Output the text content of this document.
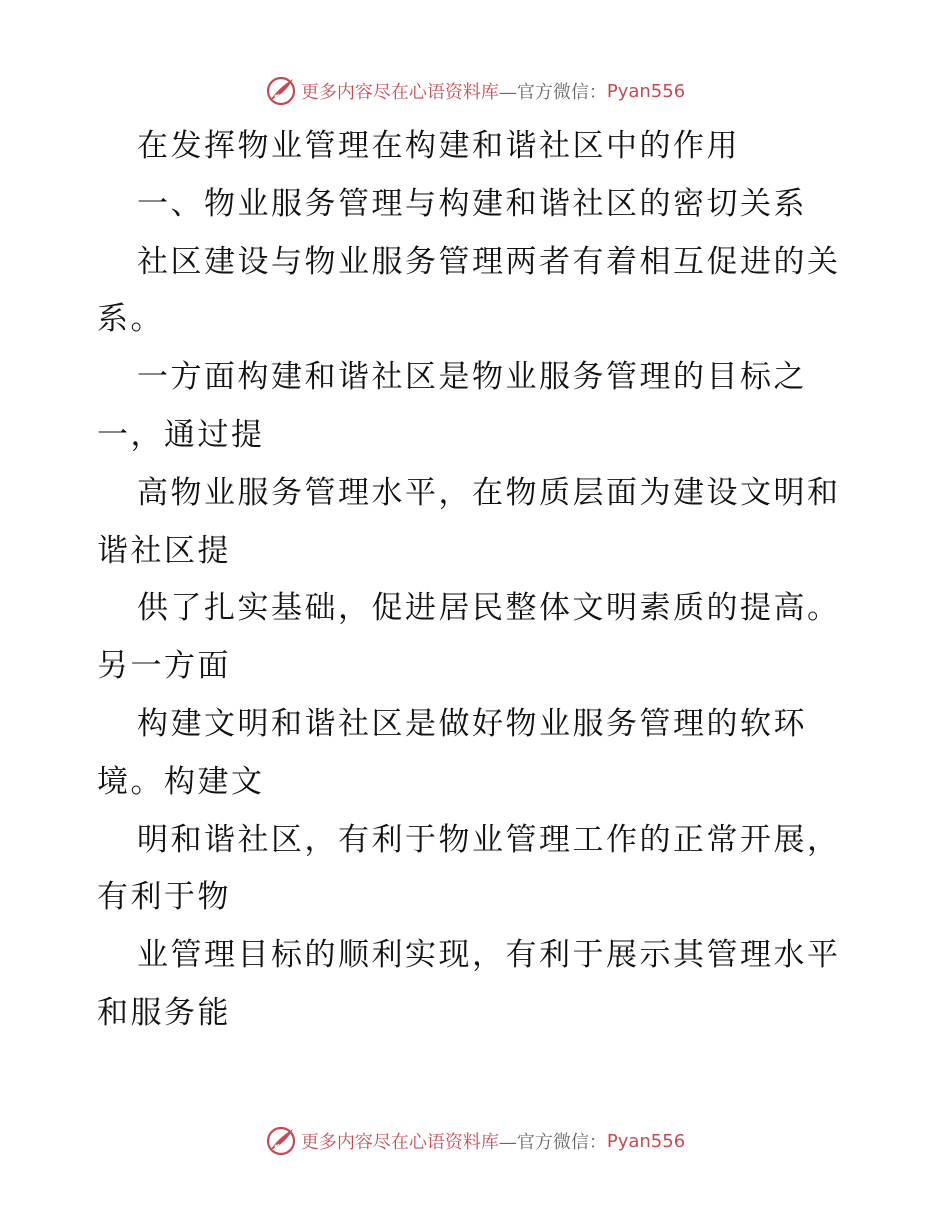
更多内容尽在心语资料库 —官方微信： Pyan556
在发挥物业管理在构建和谐社区中的作用
一、物业服务管理与构建和谐社区的密切关系
社区建设与物业服务管理两者有着相互促进的关
系。
一方面构建和谐社区是物业服务管理的目标之
一，通过提
高物业服务管理水平，在物质层面为建设文明和
谐社区提
供了扎实基础，促进居民整体文明素质的提高。
另一方面
构建文明和谐社区是做好物业服务管理的软环
境。构建文
明和谐社区，有利于物业管理工作的正常开展，
有利于物
业管理目标的顺利实现，有利于展示其管理水平
和服务能
更多内容尽在心语资料库 —官方微信： Pyan556
